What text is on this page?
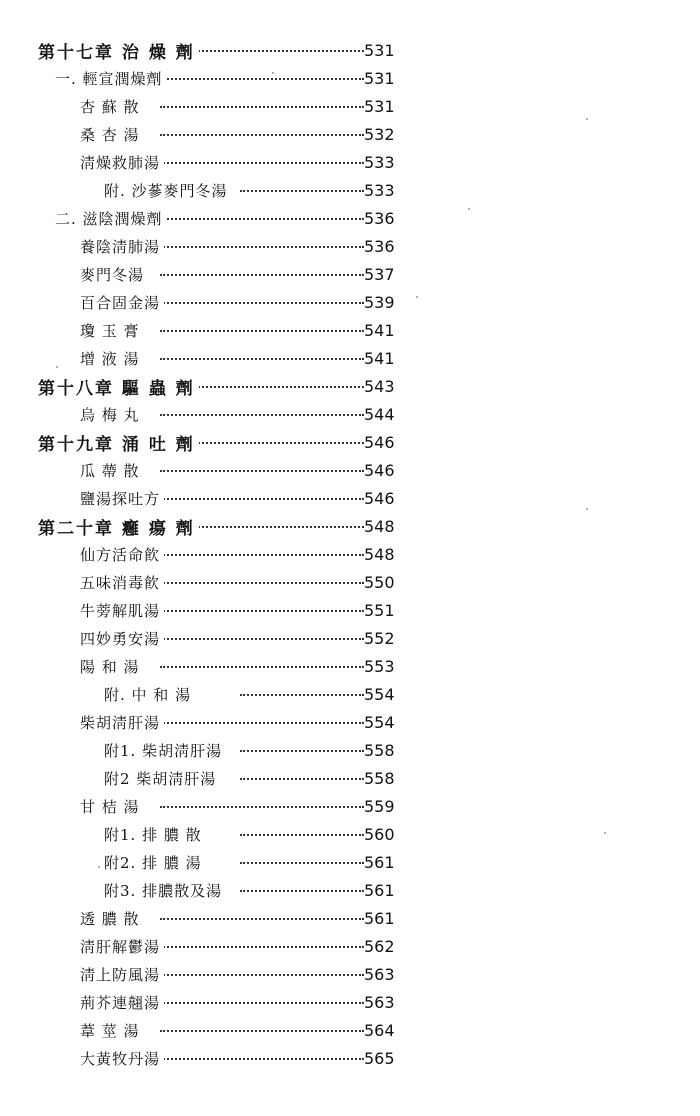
第十七章 治 燥 劑	531
一. 輕宣潤燥劑	531
杏 蘇 散	531
桑 杏 湯	532
淸燥救肺湯	533
附. 沙蔘麥門冬湯	533
二. 滋陰潤燥劑	536
養陰淸肺湯	536
麥門冬湯	537
百合固金湯	539
瓊 玉 膏	541
增 液 湯	541
第十八章 驅 蟲 劑	543
烏 梅 丸	544
第十九章 涌 吐 劑	546
瓜 蔕 散	546
鹽湯探吐方	546
第二十章 癰 瘍 劑	548
仙方活命飮	548
五味消毒飮	550
牛蒡解肌湯	551
四妙勇安湯	552
陽 和 湯	553
附. 中 和 湯	554
柴胡淸肝湯	554
附1. 柴胡淸肝湯	558
附2 柴胡淸肝湯	558
甘 桔 湯	559
附1. 排 膿 散	560
附2. 排 膿 湯	561
附3. 排膿散及湯	561
透 膿 散	561
淸肝解鬱湯	562
淸上防風湯	563
荊芥連翹湯	563
葦 莖 湯	564
大黃牧丹湯	565
